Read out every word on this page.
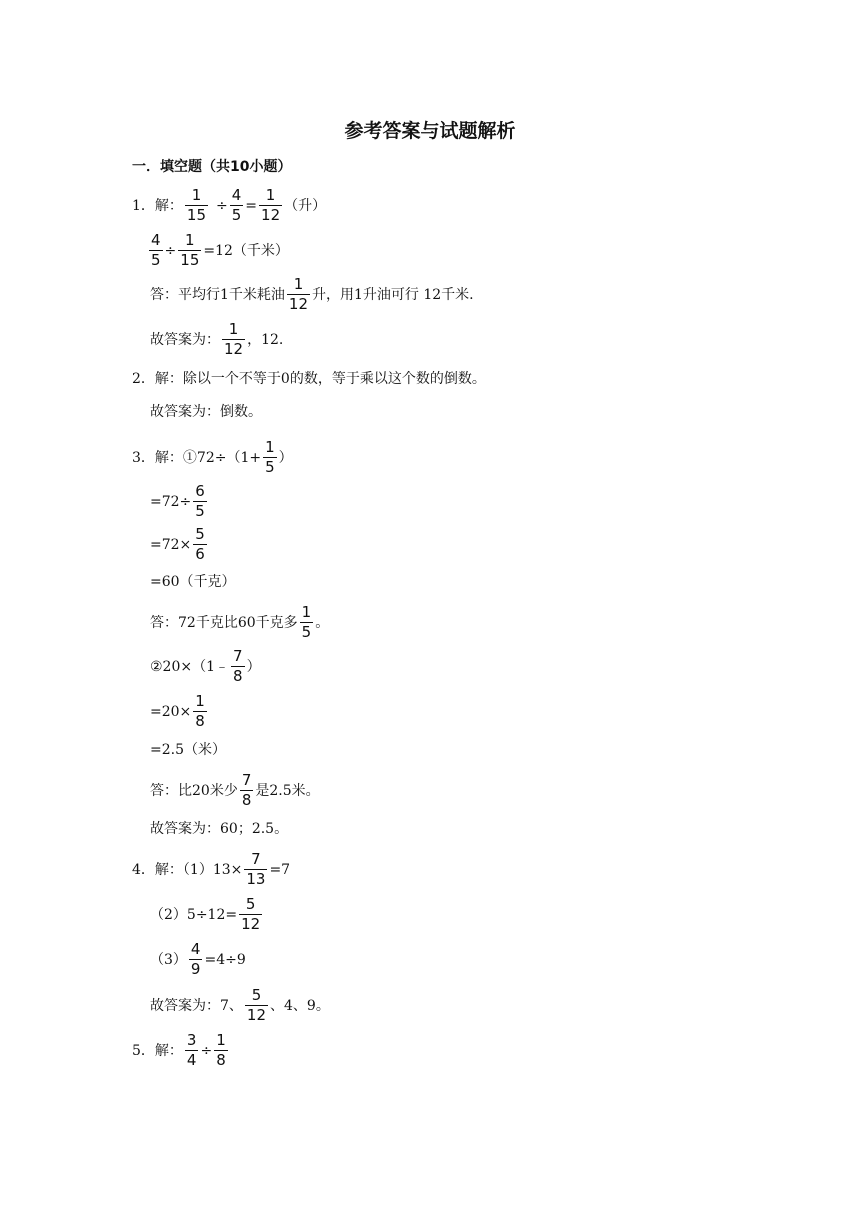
参考答案与试题解析
一．填空题（共10小题）
1．解： $\frac{1}{15} \div \frac{4}{5} = \frac{1}{12}$ （升）
$\frac{4}{5} \div \frac{1}{15} =12$（千米）
答：平均行1千米耗油 $\frac{1}{12}$ 升，用1升油可行 12千米.
故答案为： $\frac{1}{12}$ ，12.
2．解：除以一个不等于0的数，等于乘以这个数的倒数。
故答案为：倒数。
3．解：①72÷（1+ $\frac{1}{5}$ ）
$=72\div \frac{6}{5}$
$=72\times \frac{5}{6}$
=60（千克）
答：72千克比60千克多 $\frac{1}{5}$ 。
②20×（1﹣ $\frac{7}{8}$ ）
$=20\times \frac{1}{8}$
=2.5（米）
答：比20米少 $\frac{7}{8}$ 是2.5米。
故答案为：60；2.5。
4．解：$(1)13\times \frac{7}{13} =7$
$(2)5\div 12= \frac{5}{12}$
$(3) \frac{4}{9} =4\div 9$
故答案为：7、 $\frac{5}{12}$ 、4、9。
5．解： $\frac{3}{4} \div \frac{1}{8}$
